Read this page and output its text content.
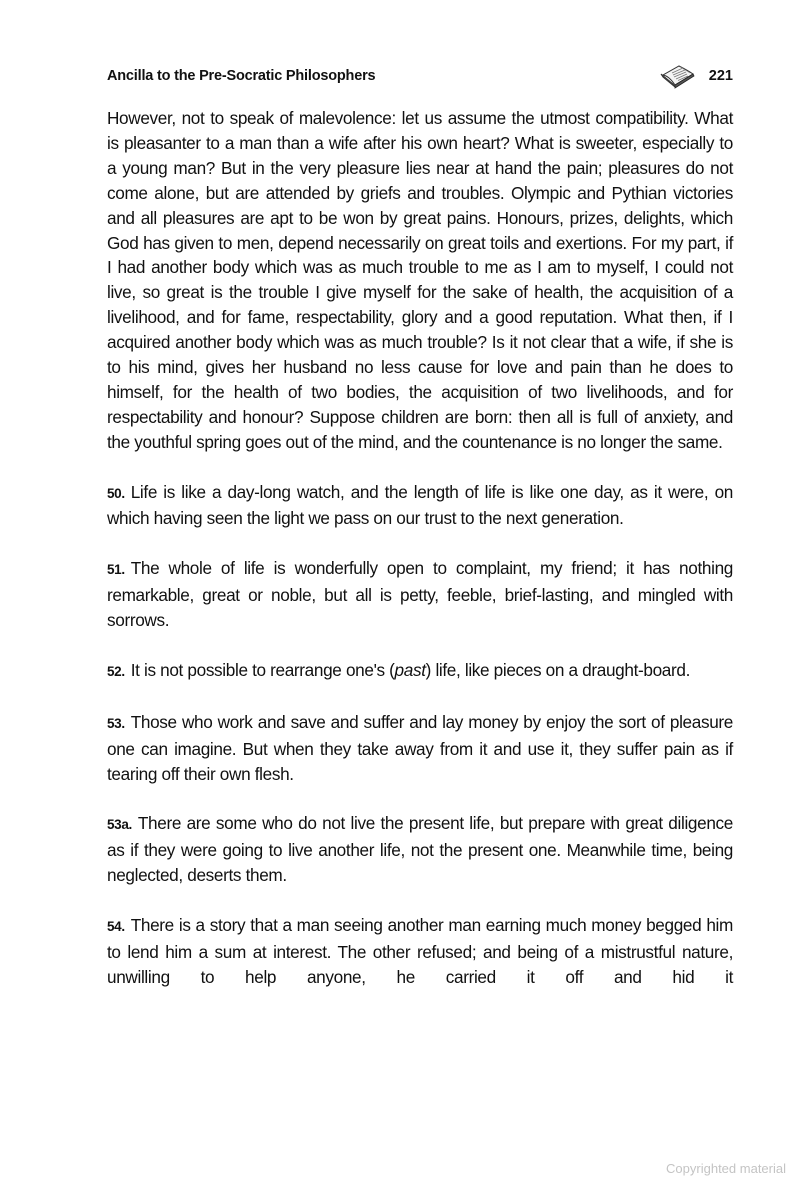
Ancilla to the Pre-Socratic Philosophers	221

However, not to speak of malevolence: let us assume the utmost compatibility. What is pleasanter to a man than a wife after his own heart? What is sweeter, especially to a young man? But in the very pleasure lies near at hand the pain; pleasures do not come alone, but are attended by griefs and troubles. Olympic and Pythian victories and all pleasures are apt to be won by great pains. Honours, prizes, delights, which God has given to men, depend necessarily on great toils and exertions. For my part, if I had another body which was as much trouble to me as I am to myself, I could not live, so great is the trouble I give myself for the sake of health, the acquisition of a livelihood, and for fame, respectability, glory and a good reputation. What then, if I acquired another body which was as much trouble? Is it not clear that a wife, if she is to his mind, gives her husband no less cause for love and pain than he does to himself, for the health of two bodies, the acquisition of two livelihoods, and for respectability and honour? Suppose children are born: then all is full of anxiety, and the youthful spring goes out of the mind, and the countenance is no longer the same.

50. Life is like a day-long watch, and the length of life is like one day, as it were, on which having seen the light we pass on our trust to the next generation.

51. The whole of life is wonderfully open to complaint, my friend; it has nothing remarkable, great or noble, but all is petty, feeble, brief-lasting, and mingled with sorrows.

52. It is not possible to rearrange one's (past) life, like pieces on a draught-board.

53. Those who work and save and suffer and lay money by enjoy the sort of pleasure one can imagine. But when they take away from it and use it, they suffer pain as if tearing off their own flesh.

53a. There are some who do not live the present life, but prepare with great diligence as if they were going to live another life, not the present one. Meanwhile time, being neglected, deserts them.

54. There is a story that a man seeing another man earning much money begged him to lend him a sum at interest. The other refused; and being of a mistrustful nature, unwilling to help anyone, he carried it off and hid it

Copyrighted material
